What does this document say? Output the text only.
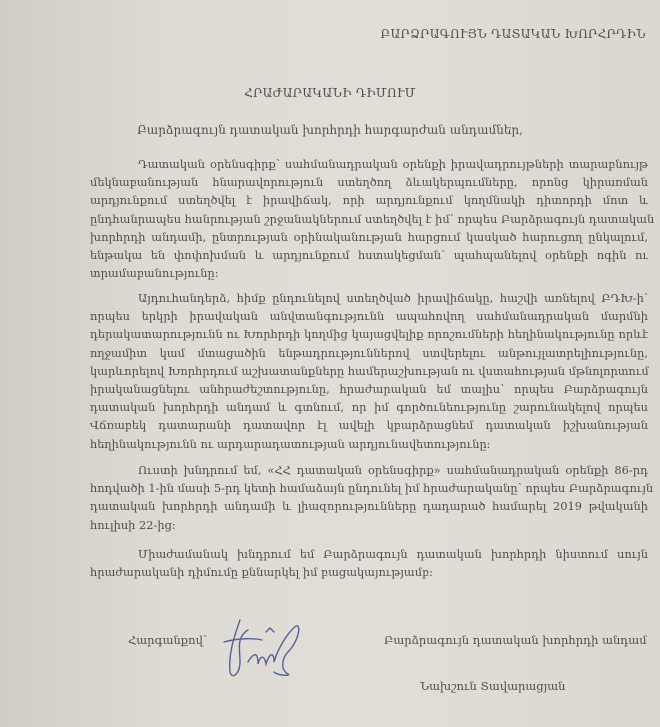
ԲԱՐՁՐԱԳՈՒՅՆ ԴԱՏԱԿԱՆ ԽՈՐՀՐԴԻՆ
ՀՐԱԺԱՐԱԿԱՆԻ ԴԻՄՈՒՄ
Բարձրագույն դատական խորհրդի հարգարժան անդամներ,
Դատական օրենսգիրք՝ սահմանադրական օրենքի իրավադրույթների տարաբնույթ
մեկնաբանության հնարավորություն ստեղծող ձևակերպումները, որոնց կիրառման
արդյունքում ստեղծվել է իրավիճակ, որի արդյունքում կողմնակի դիտորդի մոտ և
ընդհանրապես հանրության շրջանակներում ստեղծվել է իմ՝ որպես Բարձրագույն դատական
խորհրդի անդամի, ընտրության օրինականության հարցում կասկած հարուցող ընկալում,
ենթակա են փոփոխման և արդյունքում հստակեցման՝ պահպանելով օրենքի ոգին ու
տրամաբանությունը:
Այդուհանդերձ, հիմք ընդունելով ստեղծված իրավիճակը, հաշվի առնելով ԲԴԽ-ի՝
որպես երկրի իրավական անվտանգությունն ապահովող սահմանադրական մարմնի
դերակատարությունն ու Խորհրդի կողմից կայացվելիք որոշումների հեղինակությունը որևէ
ողջամիտ կամ մտացածին ենթադրություններով ստվերելու անթույլատրելիությունը,
կարևորելով Խորհրդում աշխատանքները համերաշխության ու վստահության մթնոլորտում
իրականացնելու անհրաժեշտությունը, հրաժարական եմ տալիս՝ որպես Բարձրագույն
դատական խորհրդի անդամ և գտնում, որ իմ գործունեությունը շարունակելով որպես
Վճռաբեկ դատարանի դատավոր էլ ավելի կբարձրացնեմ դատական իշխանության
հեղինակությունն ու արդարադատության արդյունավետությունը:
Ուստի խնդրում եմ, «ՀՀ դատական օրենսգիրք» սահմանադրական օրենքի 86-րդ
հոդվածի 1-ին մասի 5-րդ կետի համաձայն ընդունել իմ հրաժարականը՝ որպես Բարձրագույն
դատական խորհրդի անդամի և լիազորությունները դադարած համարել 2019 թվականի
հուլիսի 22-ից:
Միաժամանակ խնդրում եմ Բարձրագույն դատական խորհրդի նիստում սույն
հրաժարականի դիմումը քննարկել իմ բացակայությամբ:
Հարգանքով՝	Բարձրագույն դատական խորհրդի անդամ
Նախշուն Տավարացյան
